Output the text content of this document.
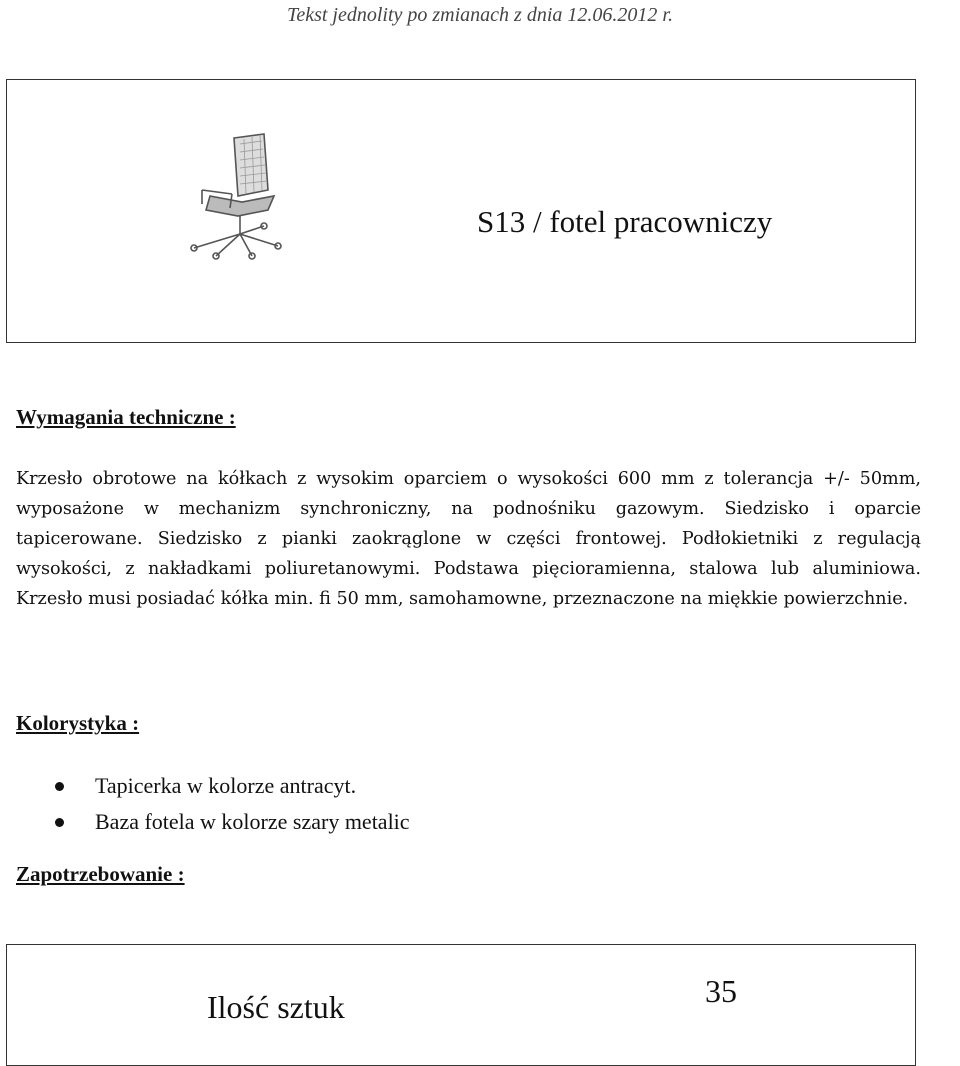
Tekst jednolity po zmianach z dnia 12.06.2012 r.
S13 / fotel pracowniczy
Wymagania techniczne :

Krzesło obrotowe na kółkach z wysokim oparciem o wysokości 600 mm z tolerancja +/- 50mm, wyposażone w mechanizm synchroniczny, na podnośniku gazowym. Siedzisko i oparcie tapicerowane. Siedzisko z pianki zaokrąglone w części frontowej. Podłokietniki z regulacją wysokości, z nakładkami poliuretanowymi. Podstawa pięcioramienna, stalowa lub aluminiowa. Krzesło musi posiadać kółka min. fi 50 mm, samohamowne, przeznaczone na miękkie powierzchnie.

Kolorystyka :
Tapicerka w kolorze antracyt.
Baza fotela w kolorze szary metalic
Zapotrzebowanie :
Ilość sztuk	35
